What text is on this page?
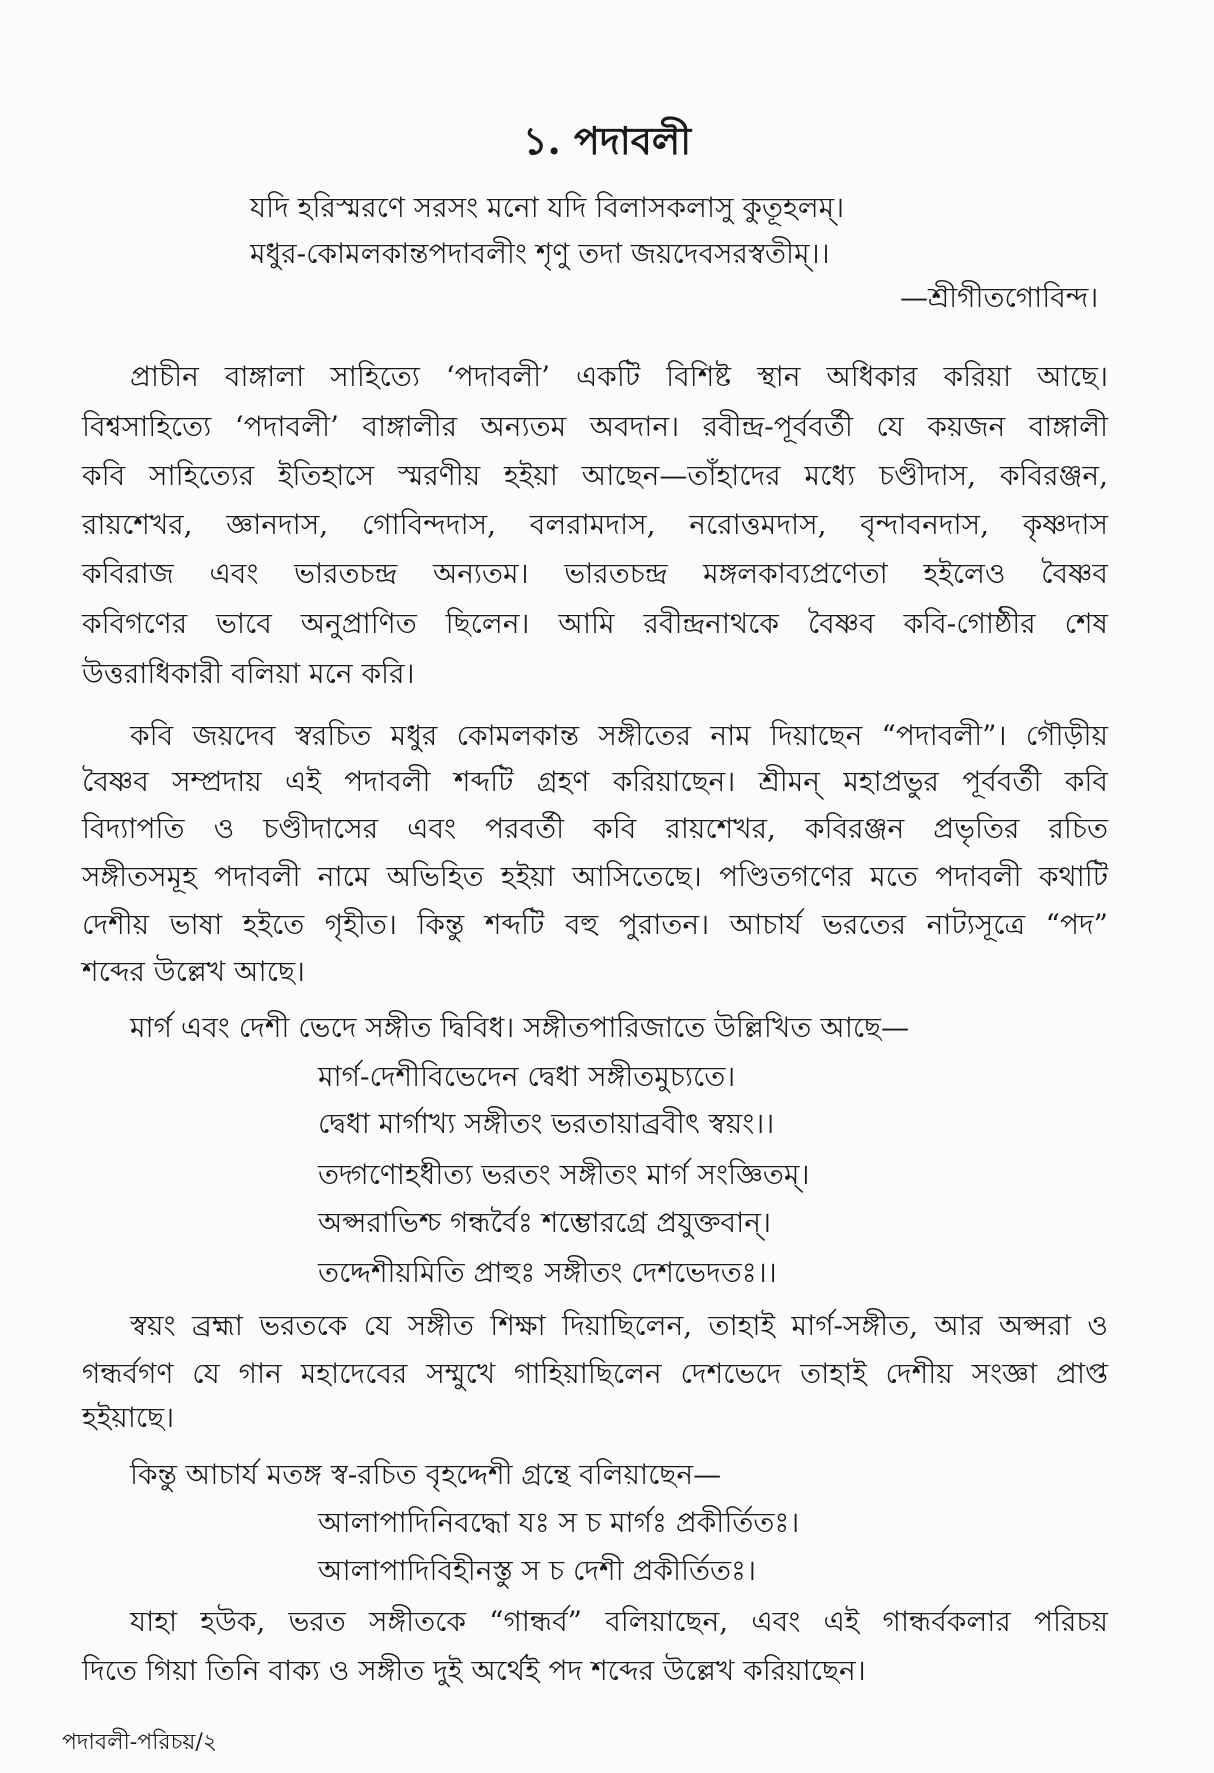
১. পদাবলী
যদি হরিস্মরণে সরসং মনো যদি বিলাসকলাসু কুতূহলম্।
মধুর-কোমলকান্তপদাবলীং শৃণু তদা জয়দেবসরস্বতীম্।।
—শ্রীগীতগোবিন্দ।
প্রাচীন বাঙ্গালা সাহিত্যে ‘পদাবলী’ একটি বিশিষ্ট স্থান অধিকার করিয়া আছে।
বিশ্বসাহিত্যে ‘পদাবলী’ বাঙ্গালীর অন্যতম অবদান। রবীন্দ্র-পূর্ববর্তী যে কয়জন বাঙ্গালী
কবি সাহিত্যের ইতিহাসে স্মরণীয় হইয়া আছেন—তাঁহাদের মধ্যে চণ্ডীদাস, কবিরঞ্জন,
রায়শেখর, জ্ঞানদাস, গোবিন্দদাস, বলরামদাস, নরোত্তমদাস, বৃন্দাবনদাস, কৃষ্ণদাস
কবিরাজ এবং ভারতচন্দ্র অন্যতম। ভারতচন্দ্র মঙ্গলকাব্যপ্রণেতা হইলেও বৈষ্ণব
কবিগণের ভাবে অনুপ্রাণিত ছিলেন। আমি রবীন্দ্রনাথকে বৈষ্ণব কবি-গোষ্ঠীর শেষ
উত্তরাধিকারী বলিয়া মনে করি।
কবি জয়দেব স্বরচিত মধুর কোমলকান্ত সঙ্গীতের নাম দিয়াছেন “পদাবলী”। গৌড়ীয়
বৈষ্ণব সম্প্রদায় এই পদাবলী শব্দটি গ্রহণ করিয়াছেন। শ্রীমন্ মহাপ্রভুর পূর্ববর্তী কবি
বিদ্যাপতি ও চণ্ডীদাসের এবং পরবর্তী কবি রায়শেখর, কবিরঞ্জন প্রভৃতির রচিত
সঙ্গীতসমূহ পদাবলী নামে অভিহিত হইয়া আসিতেছে। পণ্ডিতগণের মতে পদাবলী কথাটি
দেশীয় ভাষা হইতে গৃহীত। কিন্তু শব্দটি বহু পুরাতন। আচার্য ভরতের নাট্যসূত্রে “পদ”
শব্দের উল্লেখ আছে।
মার্গ এবং দেশী ভেদে সঙ্গীত দ্বিবিধ। সঙ্গীতপারিজাতে উল্লিখিত আছে—
মার্গ-দেশীবিভেদেন দ্বেধা সঙ্গীতমুচ্যতে।
দ্বেধা মার্গাখ্য সঙ্গীতং ভরতায়াব্রবীৎ স্বয়ং।।
তদ্গণোহধীত্য ভরতং সঙ্গীতং মার্গ সংজ্ঞিতম্।
অপ্সরাভিশ্চ গন্ধর্বৈঃ শম্ভোরগ্রে প্রযুক্তবান্।
তদ্দেশীয়মিতি প্রাহুঃ সঙ্গীতং দেশভেদতঃ।।
স্বয়ং ব্রহ্মা ভরতকে যে সঙ্গীত শিক্ষা দিয়াছিলেন, তাহাই মার্গ-সঙ্গীত, আর অপ্সরা ও
গন্ধর্বগণ যে গান মহাদেবের সম্মুখে গাহিয়াছিলেন দেশভেদে তাহাই দেশীয় সংজ্ঞা প্রাপ্ত
হইয়াছে।
কিন্তু আচার্য মতঙ্গ স্ব-রচিত বৃহদ্দেশী গ্রন্থে বলিয়াছেন—
আলাপাদিনিবদ্ধো যঃ স চ মার্গঃ প্রকীর্তিতঃ।
আলাপাদিবিহীনস্তু স চ দেশী প্রকীর্তিতঃ।
যাহা হউক, ভরত সঙ্গীতকে “গান্ধর্ব” বলিয়াছেন, এবং এই গান্ধর্বকলার পরিচয়
দিতে গিয়া তিনি বাক্য ও সঙ্গীত দুই অর্থেই পদ শব্দের উল্লেখ করিয়াছেন।
পদাবলী-পরিচয়/২
